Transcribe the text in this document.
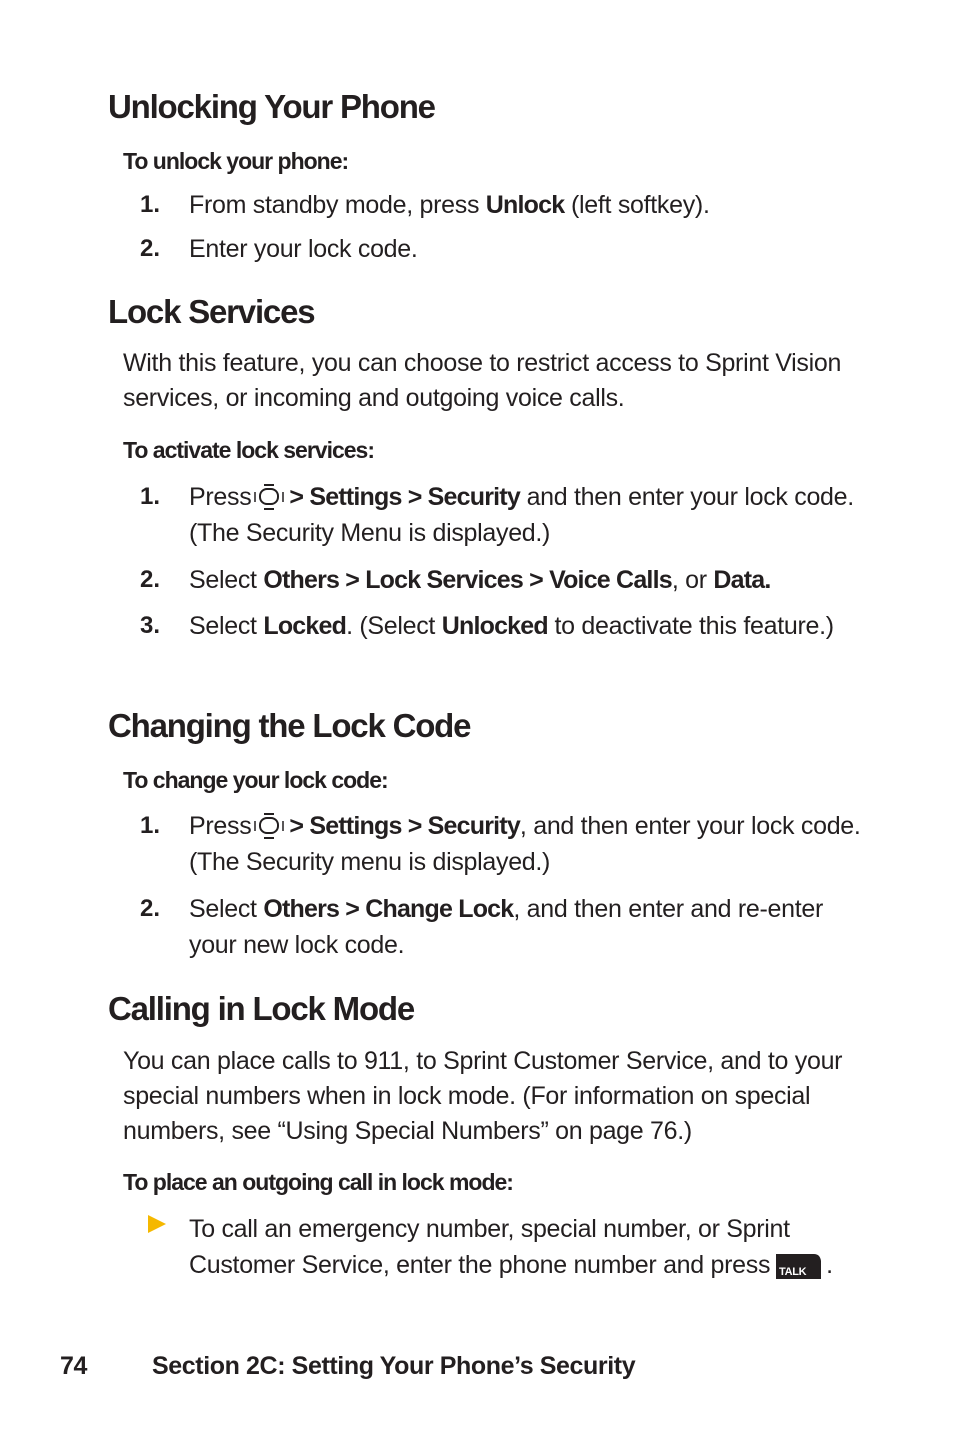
Unlocking Your Phone

To unlock your phone:

1.	From standby mode, press Unlock (left softkey).
2.	Enter your lock code.
Lock Services

With this feature, you can choose to restrict access to Sprint Vision services, or incoming and outgoing voice calls.

To activate lock services:

1.	Press > Settings > Security and then enter your lock code. (The Security Menu is displayed.)
2.	Select Others > Lock Services > Voice Calls, or Data.
3.	Select Locked. (Select Unlocked to deactivate this feature.)
Changing the Lock Code

To change your lock code:

1.	Press > Settings > Security, and then enter your lock code. (The Security menu is displayed.)
2.	Select Others > Change Lock, and then enter and re-enter your new lock code.
Calling in Lock Mode

You can place calls to 911, to Sprint Customer Service, and to your special numbers when in lock mode. (For information on special numbers, see “Using Special Numbers” on page 76.)

To place an outgoing call in lock mode:

To call an emergency number, special number, or Sprint Customer Service, enter the phone number and press TALK .
74	Section 2C: Setting Your Phone’s Security
